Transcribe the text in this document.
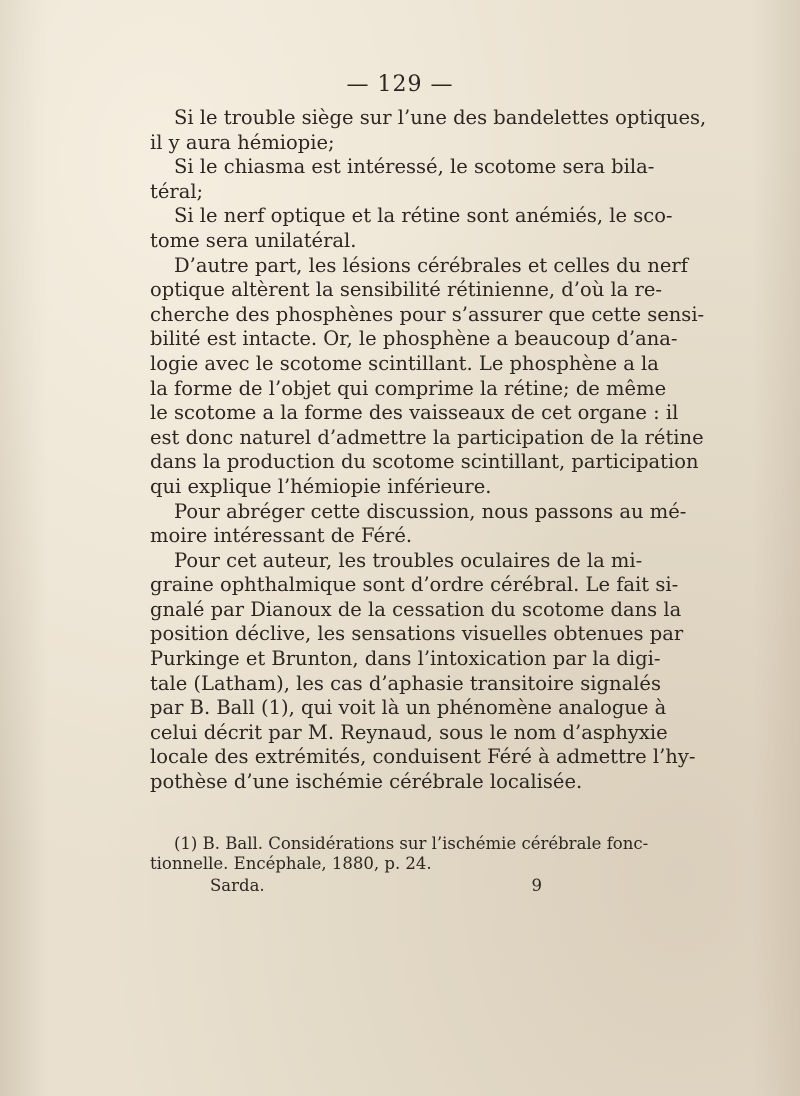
— 129 —
Si le trouble siège sur l’une des bandelettes optiques,
il y aura hémiopie;
Si le chiasma est intéressé, le scotome sera bila-
téral;
Si le nerf optique et la rétine sont anémiés, le sco-
tome sera unilatéral.
D’autre part, les lésions cérébrales et celles du nerf
optique altèrent la sensibilité rétinienne, d’où la re-
cherche des phosphènes pour s’assurer que cette sensi-
bilité est intacte. Or, le phosphène a beaucoup d’ana-
logie avec le scotome scintillant. Le phosphène a la
la forme de l’objet qui comprime la rétine; de même
le scotome a la forme des vaisseaux de cet organe : il
est donc naturel d’admettre la participation de la rétine
dans la production du scotome scintillant, participation
qui explique l’hémiopie inférieure.
Pour abréger cette discussion, nous passons au mé-
moire intéressant de Féré.
Pour cet auteur, les troubles oculaires de la mi-
graine ophthalmique sont d’ordre cérébral. Le fait si-
gnalé par Dianoux de la cessation du scotome dans la
position déclive, les sensations visuelles obtenues par
Purkinge et Brunton, dans l’intoxication par la digi-
tale (Latham), les cas d’aphasie transitoire signalés
par B. Ball (1), qui voit là un phénomène analogue à
celui décrit par M. Reynaud, sous le nom d’asphyxie
locale des extrémités, conduisent Féré à admettre l’hy-
pothèse d’une ischémie cérébrale localisée.
(1) B. Ball. Considérations sur l’ischémie cérébrale fonc-
tionnelle. Encéphale, 1880, p. 24.
Sarda.	9
